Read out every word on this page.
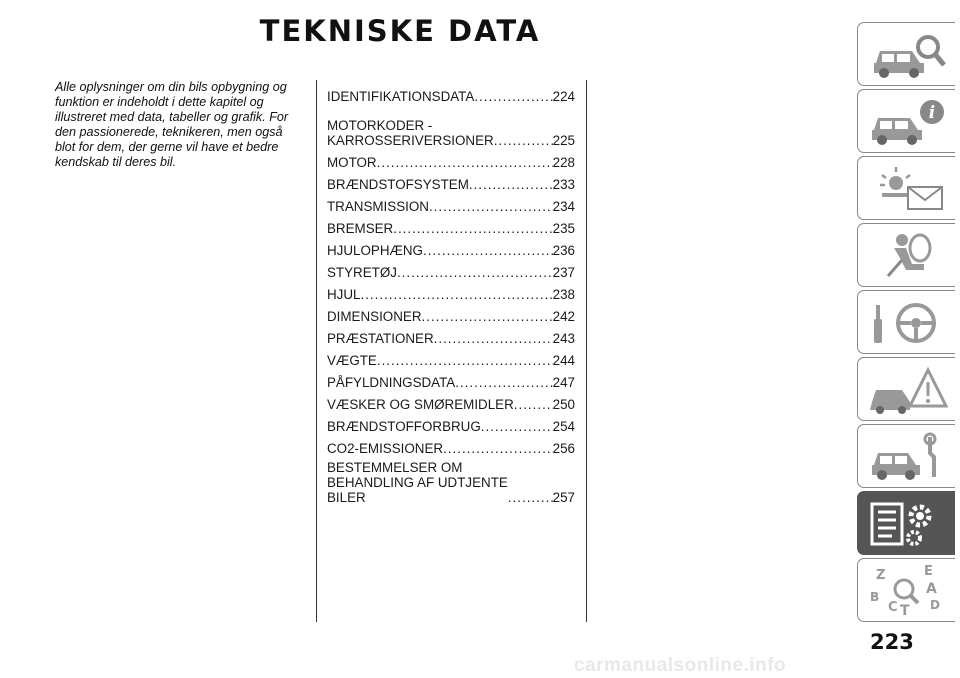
TEKNISKE DATA

Alle oplysninger om din bils opbygning og funktion er indeholdt i dette kapitel og illustreret med data, tabeller og grafik. For den passionerede, teknikeren, men også blot for dem, der gerne vil have et bedre kendskab til deres bil.

IDENTIFIKATIONSDATA .....	224
MOTORKODER -
KARROSSERIVERSIONER .....	225
MOTOR .....	228
BRÆNDSTOFSYSTEM .....	233
TRANSMISSION .....	234
BREMSER .....	235
HJULOPHÆNG .....	236
STYRETØJ .....	237
HJUL .....	238
DIMENSIONER .....	242
PRÆSTATIONER .....	243
VÆGTE .....	244
PÅFYLDNINGSDATA .....	247
VÆSKER OG SMØREMIDLER .....	250
BRÆNDSTOFFORBRUG .....	254
CO2-EMISSIONER .....	256
BESTEMMELSER OM
BEHANDLING AF UDTJENTE
BILER .....	257
i
Z	E
A
B
C T D
223
carmanualsonline.info
